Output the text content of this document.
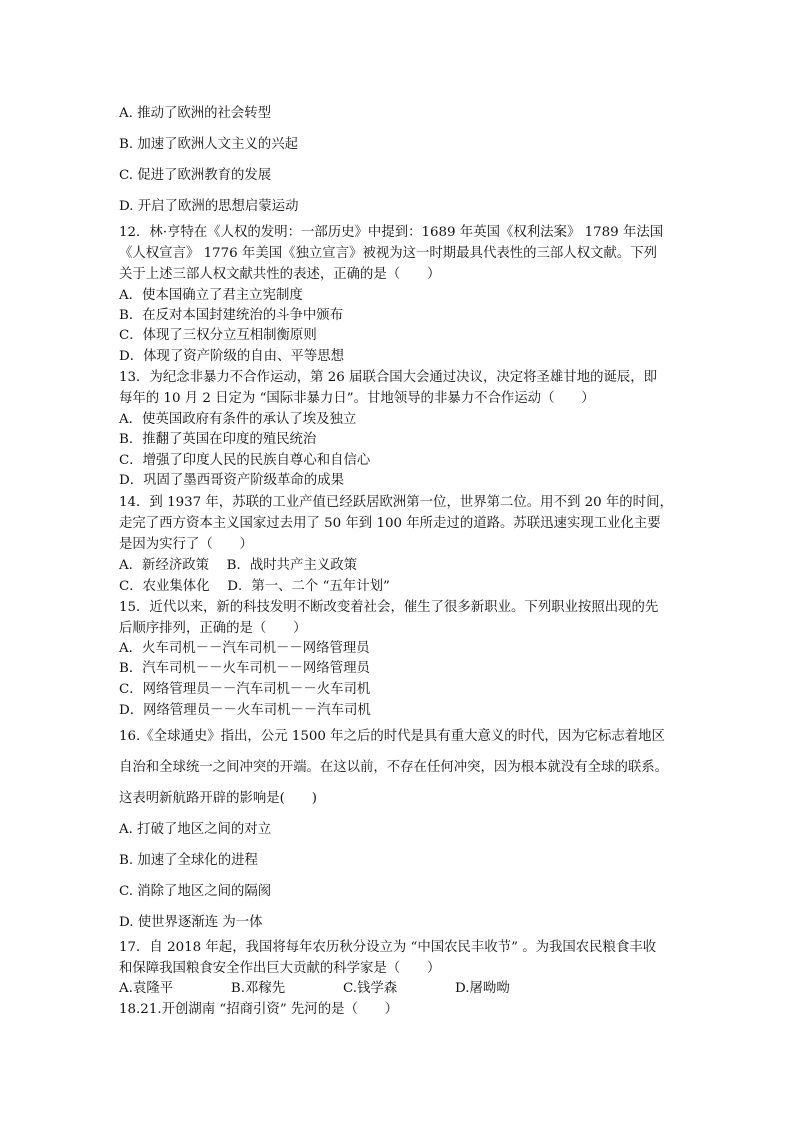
A. 推动了欧洲的社会转型
B. 加速了欧洲人文主义的兴起
C. 促进了欧洲教育的发展
D. 开启了欧洲的思想启蒙运动
12．林·亨特在《人权的发明：一部历史》中提到：1689 年英国《权利法案》 1789 年法国
《人权宣言》 1776 年美国《独立宣言》被视为这一时期最具代表性的三部人权文献。下列
关于上述三部人权文献共性的表述，正确的是（　　）
A．使本国确立了君主立宪制度
B．在反对本国封建统治的斗争中颁布
C．体现了三权分立互相制衡原则
D．体现了资产阶级的自由、平等思想
13．为纪念非暴力不合作运动，第 26 届联合国大会通过决议，决定将圣雄甘地的诞辰，即
每年的 10 月 2 日定为 “国际非暴力日”。甘地领导的非暴力不合作运动（　　）
A．使英国政府有条件的承认了埃及独立
B．推翻了英国在印度的殖民统治
C．增强了印度人民的民族自尊心和自信心
D．巩固了墨西哥资产阶级革命的成果
14．到 1937 年，苏联的工业产值已经跃居欧洲第一位，世界第二位。用不到 20 年的时间，
走完了西方资本主义国家过去用了 50 年到 100 年所走过的道路。苏联迅速实现工业化主要
是因为实行了（　　）
A．新经济政策　 B．战时共产主义政策
C．农业集体化　 D．第一、二个 “五年计划”
15．近代以来，新的科技发明不断改变着社会，催生了很多新职业。下列职业按照出现的先
后顺序排列，正确的是（　　）
A．火车司机－－汽车司机－－网络管理员
B．汽车司机－－火车司机－－网络管理员
C．网络管理员－－汽车司机－－火车司机
D．网络管理员－－火车司机－－汽车司机
16.《全球通史》指出，公元 1500 年之后的时代是具有重大意义的时代，因为它标志着地区
自治和全球统一之间冲突的开端。在这以前，不存在任何冲突，因为根本就没有全球的联系。
这表明新航路开辟的影响是(　　)
A. 打破了地区之间的对立
B. 加速了全球化的进程
C. 消除了地区之间的隔阂
D. 使世界逐渐连 为一体
17．自 2018 年起，我国将每年农历秋分设立为 “中国农民丰收节” 。为我国农民粮食丰收
和保障我国粮食安全作出巨大贡献的科学家是（　　）
A.袁隆平　　　　 B.邓稼先　　　　 C.钱学森　　　　 D.屠呦呦
18.21.开创湖南 “招商引资” 先河的是（　　）
